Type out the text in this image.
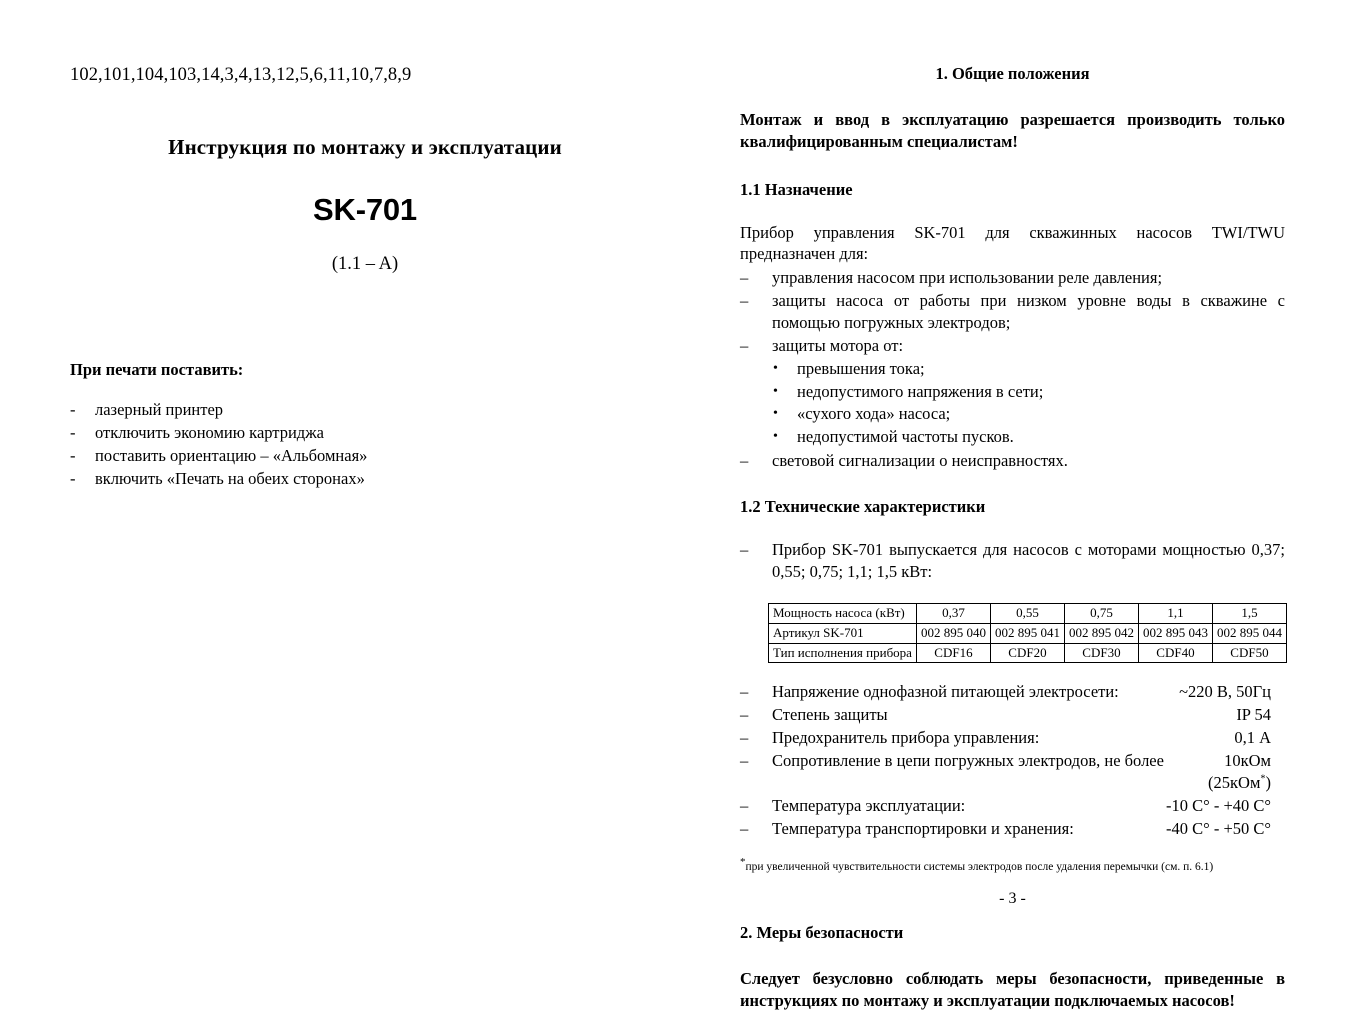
102,101,104,103,14,3,4,13,12,5,6,11,10,7,8,9
Инструкция по монтажу и эксплуатации
SK-701
(1.1 – A)
При печати поставить:
-	лазерный принтер
-	отключить экономию картриджа
-	поставить ориентацию – «Альбомная»
-	включить «Печать на обеих сторонах»
1. Общие положения
Монтаж и ввод в эксплуатацию разрешается производить только квалифицированным специалистам!
1.1 Назначение
Прибор управления SK-701 для скважинных насосов TWI/TWU предназначен для:
–	управления насосом при использовании реле давления;
–	защиты насоса от работы при низком уровне воды в скважине с помощью погружных электродов;
–	защиты мотора от:
•	превышения тока;
•	недопустимого напряжения в сети;
•	«сухого хода» насоса;
•	недопустимой частоты пусков.
–	световой сигнализации о неисправностях.
1.2 Технические характеристики
–	Прибор SK-701 выпускается для насосов с моторами мощностью 0,37; 0,55; 0,75; 1,1; 1,5 кВт:
Мощность насоса (кВт)	0,37	0,55	0,75	1,1	1,5
Артикул SK-701	002 895 040	002 895 041	002 895 042	002 895 043	002 895 044
Тип исполнения прибора	CDF16	CDF20	CDF30	CDF40	CDF50
–	Напряжение однофазной питающей электросети:	~220 В, 50Гц
–	Степень защиты	IP 54
–	Предохранитель прибора управления:	0,1 А
–	Сопротивление в цепи погружных электродов, не более	10кОм (25кОм*)
–	Температура эксплуатации:	-10 C° - +40 C°
–	Температура транспортировки и хранения:	-40 C° - +50 C°
*при увеличенной чувствительности системы электродов после удаления перемычки (см. п. 6.1)
2. Меры безопасности
Следует безусловно соблюдать меры безопасности, приведенные в инструкциях по монтажу и эксплуатации подключаемых насосов!
- 3 -
